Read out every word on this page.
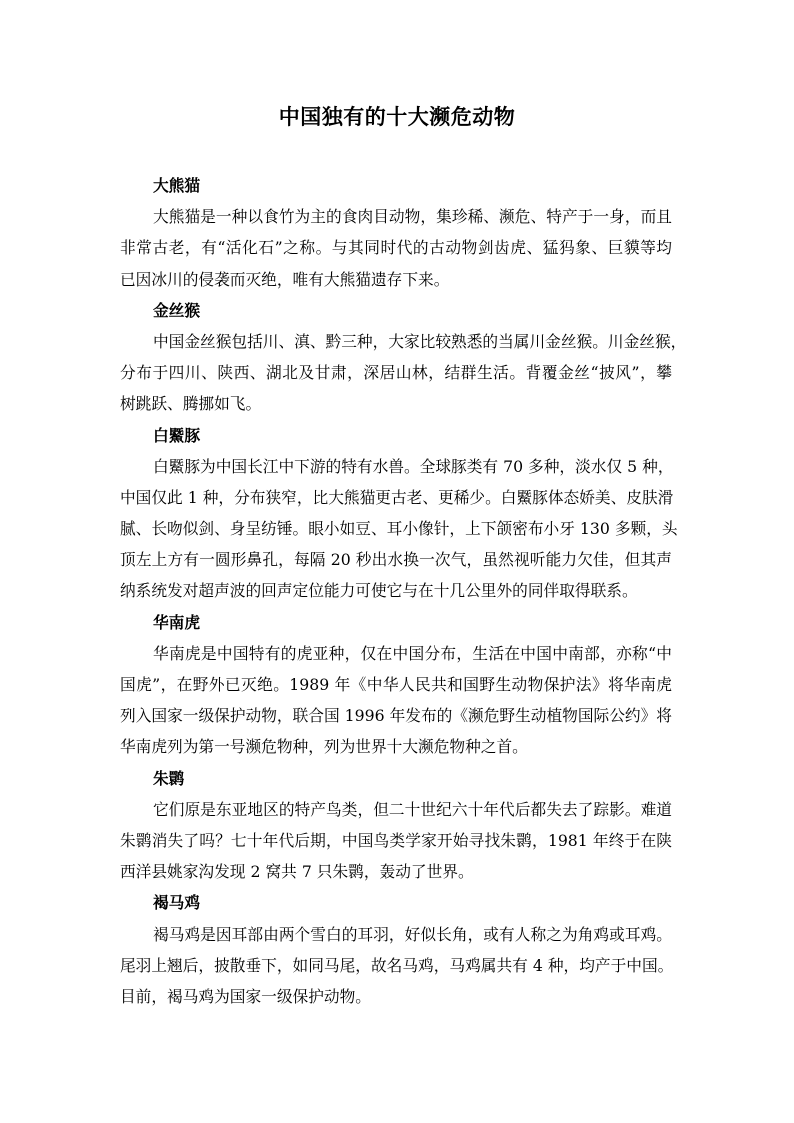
中国独有的十大濒危动物
大熊猫
大熊猫是一种以食竹为主的食肉目动物，集珍稀、濒危、特产于一身，而且
非常古老，有“活化石”之称。与其同时代的古动物剑齿虎、猛犸象、巨貘等均
已因冰川的侵袭而灭绝，唯有大熊猫遗存下来。
金丝猴
中国金丝猴包括川、滇、黔三种，大家比较熟悉的当属川金丝猴。川金丝猴，
分布于四川、陕西、湖北及甘肃，深居山林，结群生活。背覆金丝“披风”，攀
树跳跃、腾挪如飞。
白鱀豚
白鱀豚为中国长江中下游的特有水兽。全球豚类有 70 多种，淡水仅 5 种，
中国仅此 1 种，分布狭窄，比大熊猫更古老、更稀少。白鱀豚体态娇美、皮肤滑
腻、长吻似剑、身呈纺锤。眼小如豆、耳小像针，上下颌密布小牙 130 多颗，头
顶左上方有一圆形鼻孔，每隔 20 秒出水换一次气，虽然视听能力欠佳，但其声
纳系统发对超声波的回声定位能力可使它与在十几公里外的同伴取得联系。
华南虎
华南虎是中国特有的虎亚种，仅在中国分布，生活在中国中南部，亦称“中
国虎”，在野外已灭绝。1989 年《中华人民共和国野生动物保护法》将华南虎
列入国家一级保护动物，联合国 1996 年发布的《濒危野生动植物国际公约》将
华南虎列为第一号濒危物种，列为世界十大濒危物种之首。
朱鹮
它们原是东亚地区的特产鸟类，但二十世纪六十年代后都失去了踪影。难道
朱鹮消失了吗？七十年代后期，中国鸟类学家开始寻找朱鹮，1981 年终于在陕
西洋县姚家沟发现 2 窝共 7 只朱鹮，轰动了世界。
褐马鸡
褐马鸡是因耳部由两个雪白的耳羽，好似长角，或有人称之为角鸡或耳鸡。
尾羽上翘后，披散垂下，如同马尾，故名马鸡，马鸡属共有 4 种，均产于中国。
目前，褐马鸡为国家一级保护动物。
